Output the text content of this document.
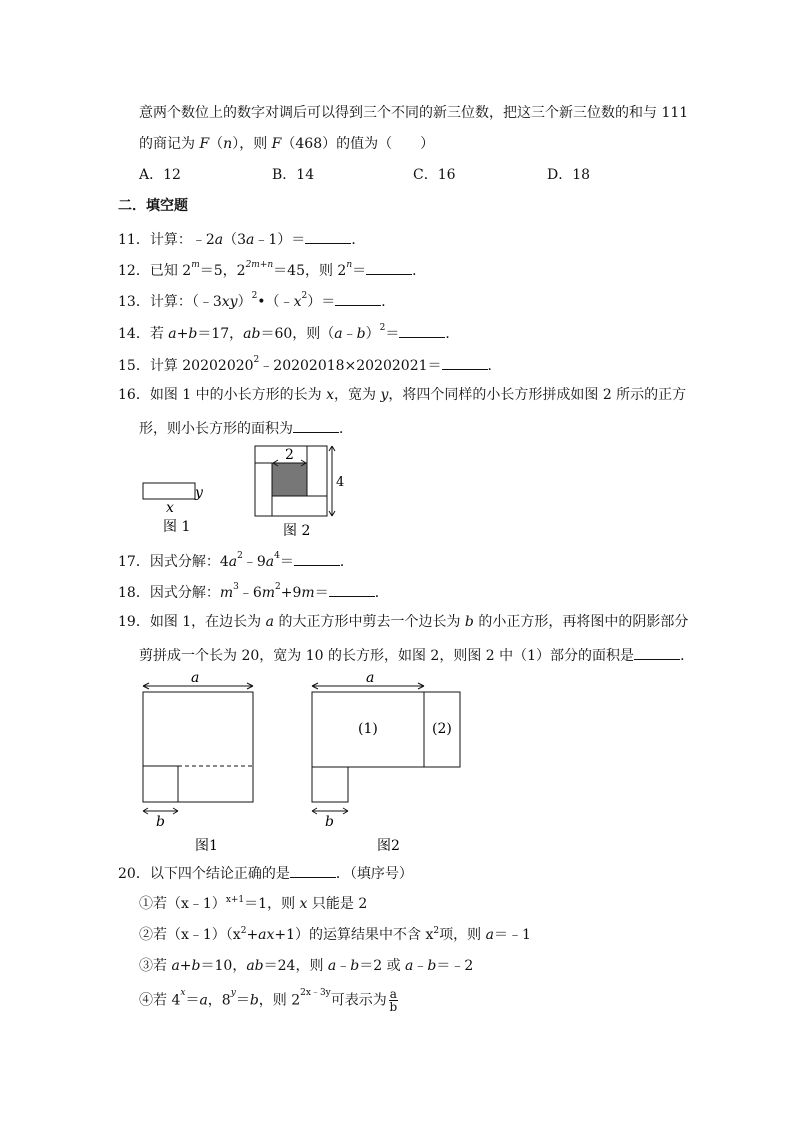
意两个数位上的数字对调后可以得到三个不同的新三位数，把这三个新三位数的和与 111
的商记为 F（n），则 F（468）的值为（　　）
A．12	B．14	C．16	D．18
二．填空题
11．计算：﹣2a（3a﹣1）＝	．
12．已知 $2^m=5$，$2^{2m+n}=45$，则 $2^n=$	．
13．计算：$(﹣3xy)^2•(﹣x^2)=$	．
14．若 a+b＝17，ab＝60，则（a﹣b）$^2$＝	．
15．计算 $20202020^2﹣20202018\times 20202021=$	．
16．如图 1 中的小长方形的长为 x，宽为 y，将四个同样的小长方形拼成如图 2 所示的正方
形，则小长方形的面积为	．
y
x
图 1
2
4
图 2
17．因式分解：$4a^2﹣9a^4=$	．
18．因式分解：$m^3﹣6m^2+9m=$	．
19．如图 1，在边长为 a 的大正方形中剪去一个边长为 b 的小正方形，再将图中的阴影部分
剪拼成一个长为 20，宽为 10 的长方形，如图 2，则图 2 中（1）部分的面积是	．
a
b
图1
a
(1)	(2)
b
图2
20．以下四个结论正确的是	．（填序号）
①若（x﹣1）$^{x+1}$＝1，则 x 只能是 2
②若$(x﹣1)(x^2+ax+1)$的运算结果中不含 $x^2$项，则 a＝﹣1
③若 a+b＝10，ab＝24，则 a﹣b＝2 或 a﹣b＝﹣2
④若 $4^x=a$，$8^y=b$，则 $2^{2x﹣3y}$可表示为 $\frac{a}{b}$
